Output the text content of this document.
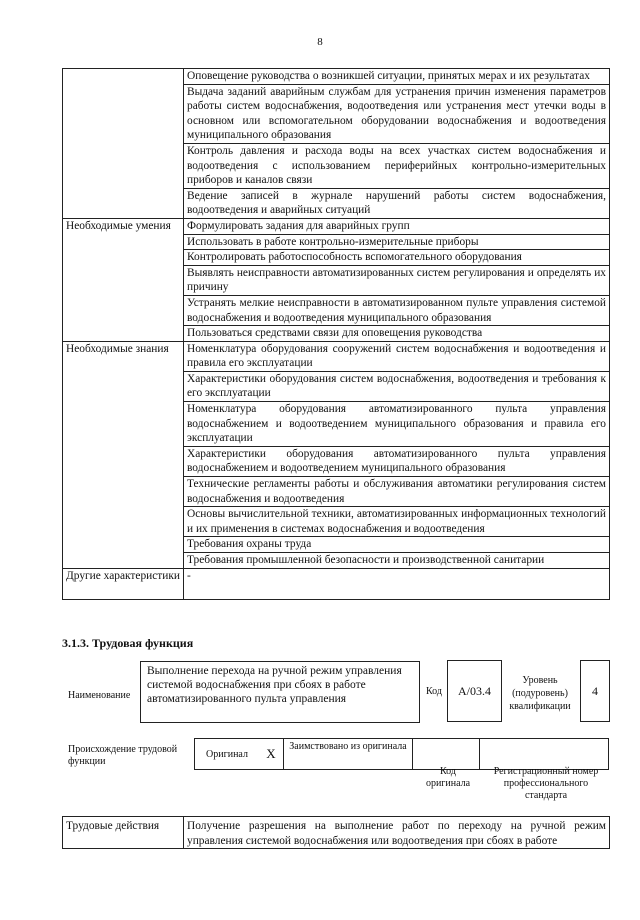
8
	Оповещение руководства о возникшей ситуации, принятых мерах и их результатах
	Выдача заданий аварийным службам для устранения причин изменения параметров работы систем водоснабжения, водоотведения или устранения мест утечки воды в основном или вспомогательном оборудовании водоснабжения и водоотведения муниципального образования
	Контроль давления и расхода воды на всех участках систем водоснабжения и водоотведения с использованием периферийных контрольно-измерительных приборов и каналов связи
	Ведение записей в журнале нарушений работы систем водоснабжения, водоотведения и аварийных ситуаций
Необходимые умения	Формулировать задания для аварийных групп
	Использовать в работе контрольно-измерительные приборы
	Контролировать работоспособность вспомогательного оборудования
	Выявлять неисправности автоматизированных систем регулирования и определять их причину
	Устранять мелкие неисправности в автоматизированном пульте управления системой водоснабжения и водоотведения муниципального образования
	Пользоваться средствами связи для оповещения руководства
Необходимые знания	Номенклатура оборудования сооружений систем водоснабжения и водоотведения и правила его эксплуатации
	Характеристики оборудования систем водоснабжения, водоотведения и требования к его эксплуатации
	Номенклатура оборудования автоматизированного пульта управления водоснабжением и водоотведением муниципального образования и правила его эксплуатации
	Характеристики оборудования автоматизированного пульта управления водоснабжением и водоотведением муниципального образования
	Технические регламенты работы и обслуживания автоматики регулирования систем водоснабжения и водоотведения
	Основы вычислительной техники, автоматизированных информационных технологий и их применения в системах водоснабжения и водоотведения
	Требования охраны труда
	Требования промышленной безопасности и производственной санитарии
Другие характеристики	-
3.1.3. Трудовая функция
Наименование
Выполнение перехода на ручной режим управления системой водоснабжения при сбоях в работе автоматизированного пульта управления
Код A/03.4
Уровень (подуровень) квалификации
4
Происхождение трудовой функции
Оригинал	X	Заимствовано из оригинала		
Код оригинала
Регистрационный номер профессионального стандарта
Трудовые действия	Получение разрешения на выполнение работ по переходу на ручной режим управления системой водоснабжения или водоотведения при сбоях в работе
